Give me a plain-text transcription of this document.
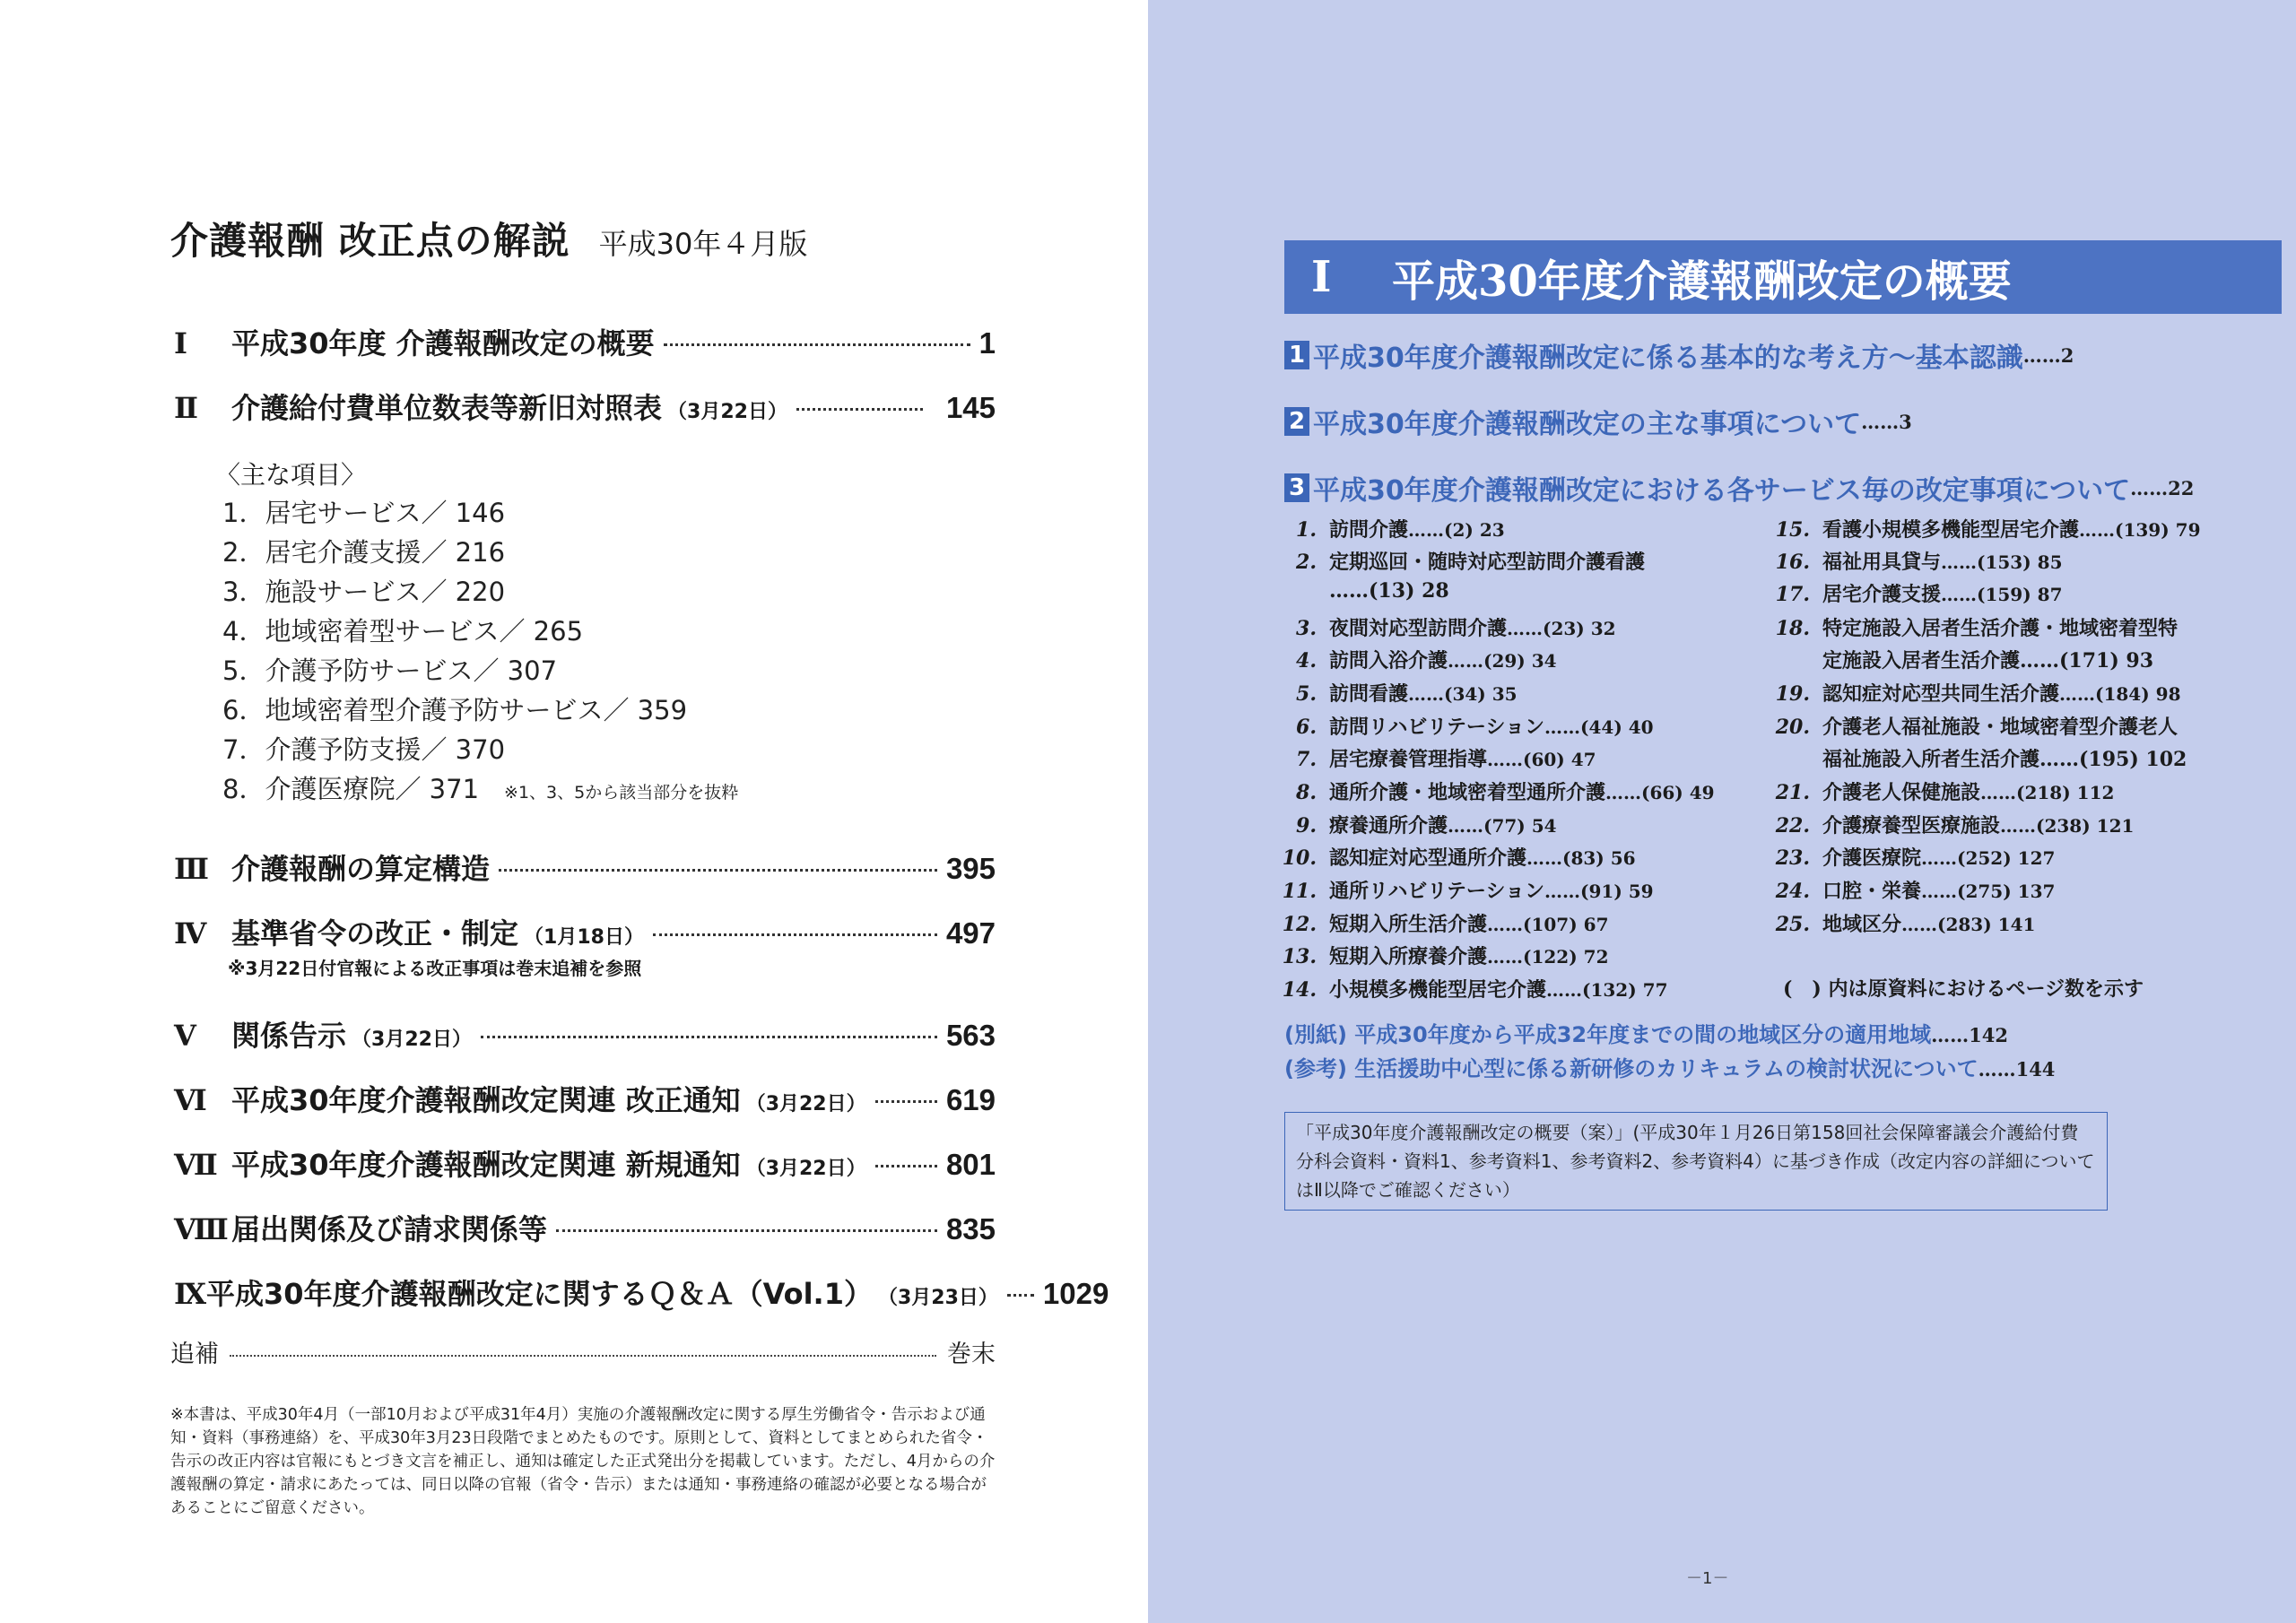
介護報酬 改正点の解説 平成30年４月版
Ⅰ	平成30年度 介護報酬改定の概要	1
Ⅱ	介護給付費単位数表等新旧対照表 （3月22日）	145
〈主な項目〉
1．居宅サービス／ 146
2．居宅介護支援／ 216
3．施設サービス／ 220
4．地域密着型サービス／ 265
5．介護予防サービス／ 307
6．地域密着型介護予防サービス／ 359
7．介護予防支援／ 370
8．介護医療院／ 371 ※1、3、5から該当部分を抜粋
Ⅲ 介護報酬の算定構造	395
Ⅳ 基準省令の改正・制定 （1月18日）	497
※3月22日付官報による改正事項は巻末追補を参照
Ⅴ	関係告示 （3月22日）	563
Ⅵ 平成30年度介護報酬改定関連 改正通知 （3月22日）	619
Ⅶ 平成30年度介護報酬改定関連 新規通知 （3月22日）	801
Ⅷ 届出関係及び請求関係等	835
Ⅸ 平成30年度介護報酬改定に関するＱ＆Ａ（Vol.1） （3月23日） 1029
追補	巻末
※本書は、平成30年4月（一部10月および平成31年4月）実施の介護報酬改定に関する厚生労働省令・告示および通知・資料（事務連絡）を、平成30年3月23日段階でまとめたものです。原則として、資料としてまとめられた省令・告示の改正内容は官報にもとづき文言を補正し、通知は確定した正式発出分を掲載しています。ただし、4月からの介護報酬の算定・請求にあたっては、同日以降の官報（省令・告示）または通知・事務連絡の確認が必要となる場合があることにご留意ください。
Ⅰ	平成30年度介護報酬改定の概要
1 平成30年度介護報酬改定に係る基本的な考え方～基本認識 ……2
2 平成30年度介護報酬改定の主な事項について ……3
3 平成30年度介護報酬改定における各サービス毎の改定事項について ……22
1. 訪問介護……(2) 23
2. 定期巡回・随時対応型訪問介護看護
……(13) 28
3. 夜間対応型訪問介護……(23) 32
4. 訪問入浴介護……(29) 34
5. 訪問看護……(34) 35
6. 訪問リハビリテーション……(44) 40
7. 居宅療養管理指導……(60) 47
8. 通所介護・地域密着型通所介護……(66) 49
9. 療養通所介護……(77) 54
10. 認知症対応型通所介護……(83) 56
11. 通所リハビリテーション……(91) 59
12. 短期入所生活介護……(107) 67
13. 短期入所療養介護……(122) 72
14. 小規模多機能型居宅介護……(132) 77
15. 看護小規模多機能型居宅介護……(139) 79
16. 福祉用具貸与……(153) 85
17. 居宅介護支援……(159) 87
18. 特定施設入居者生活介護・地域密着型特
定施設入居者生活介護……(171) 93
19. 認知症対応型共同生活介護……(184) 98
20. 介護老人福祉施設・地域密着型介護老人
福祉施設入所者生活介護……(195) 102
21. 介護老人保健施設……(218) 112
22. 介護療養型医療施設……(238) 121
23. 介護医療院……(252) 127
24. 口腔・栄養……(275) 137
25. 地域区分……(283) 141
(　) 内は原資料におけるページ数を示す
(別紙) 平成30年度から平成32年度までの間の地域区分の適用地域……142
(参考) 生活援助中心型に係る新研修のカリキュラムの検討状況について……144
「平成30年度介護報酬改定の概要（案）」(平成30年１月26日第158回社会保障審議会介護給付費分科会資料・資料1、参考資料1、参考資料2、参考資料4）に基づき作成（改定内容の詳細についてはⅡ以降でご確認ください）
－1－
